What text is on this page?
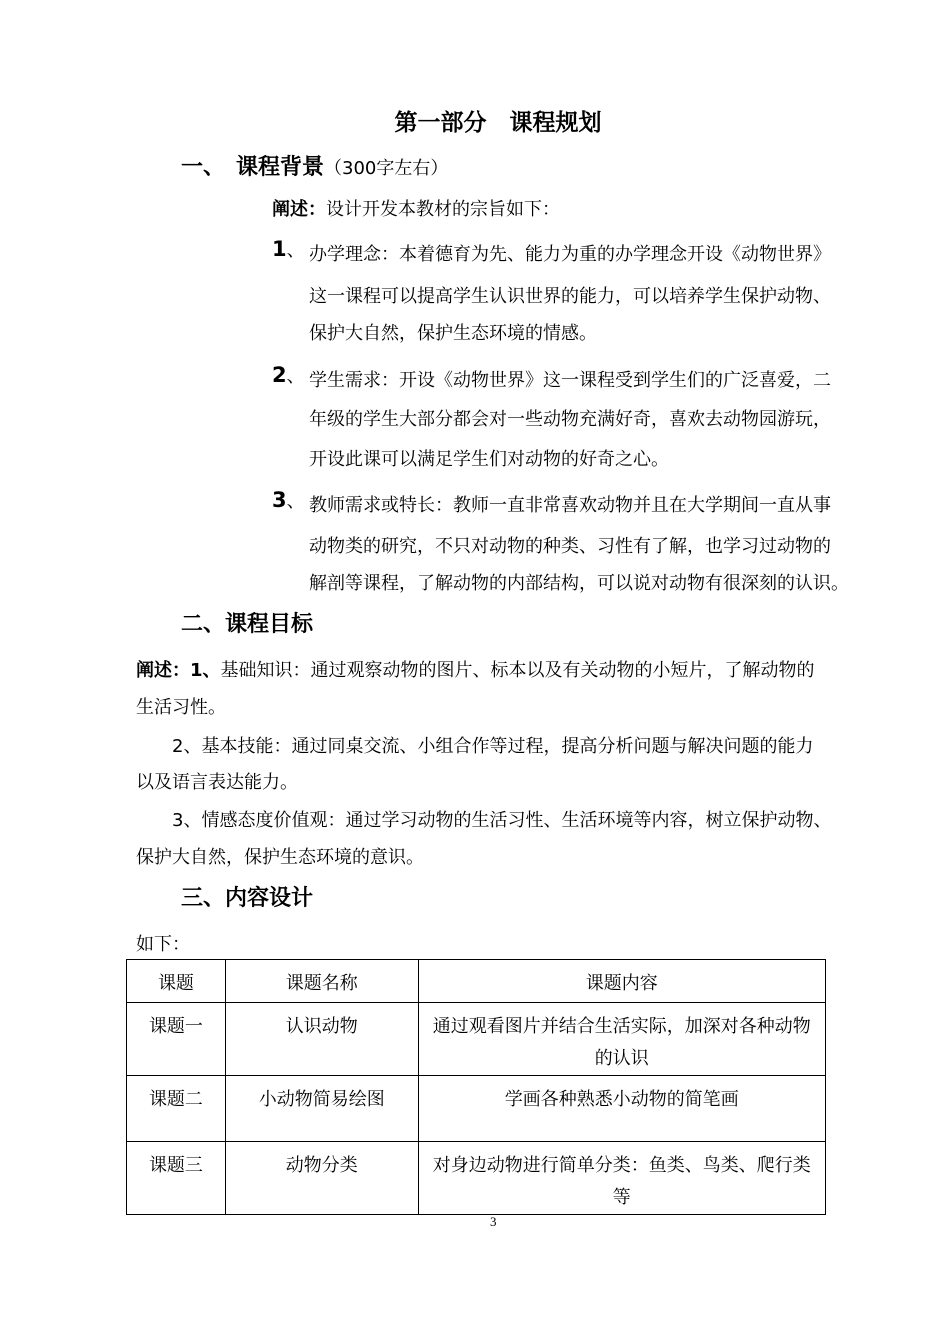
第一部分　课程规划
一、 课程背景（300字左右）
阐述：设计开发本教材的宗旨如下：
1、 办学理念：本着德育为先、能力为重的办学理念开设《动物世界》
这一课程可以提高学生认识世界的能力，可以培养学生保护动物、
保护大自然，保护生态环境的情感。
2、 学生需求：开设《动物世界》这一课程受到学生们的广泛喜爱，二
年级的学生大部分都会对一些动物充满好奇，喜欢去动物园游玩，
开设此课可以满足学生们对动物的好奇之心。
3、 教师需求或特长：教师一直非常喜欢动物并且在大学期间一直从事
动物类的研究，不只对动物的种类、习性有了解，也学习过动物的
解剖等课程，了解动物的内部结构，可以说对动物有很深刻的认识。
二、课程目标
阐述：1、基础知识：通过观察动物的图片、标本以及有关动物的小短片，了解动物的
生活习性。
2、基本技能：通过同桌交流、小组合作等过程，提高分析问题与解决问题的能力
以及语言表达能力。
3、情感态度价值观：通过学习动物的生活习性、生活环境等内容，树立保护动物、
保护大自然，保护生态环境的意识。
三、内容设计
如下：
课题	课题名称	课题内容
课题一	认识动物	通过观看图片并结合生活实际，加深对各种动物的认识
课题二	小动物简易绘图	学画各种熟悉小动物的简笔画
课题三	动物分类	对身边动物进行简单分类：鱼类、鸟类、爬行类等
3
